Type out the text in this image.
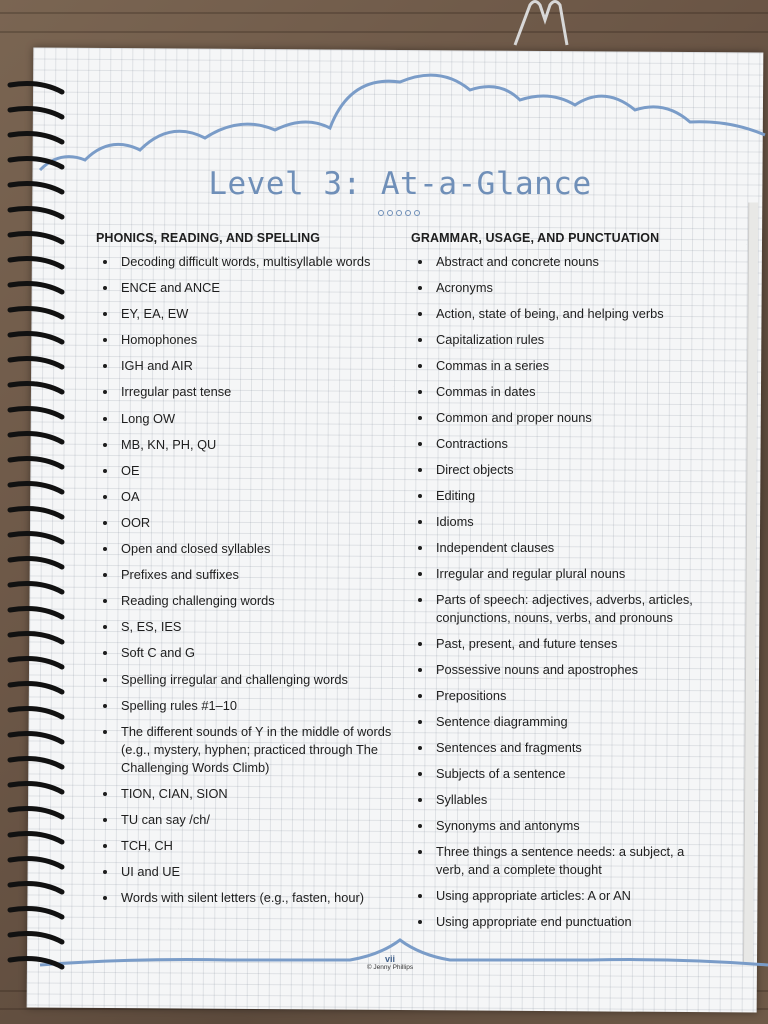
Level 3: At-a-Glance
PHONICS, READING, AND SPELLING
Decoding difficult words, multisyllable words
ENCE and ANCE
EY, EA, EW
Homophones
IGH and AIR
Irregular past tense
Long OW
MB, KN, PH, QU
OE
OA
OOR
Open and closed syllables
Prefixes and suffixes
Reading challenging words
S, ES, IES
Soft C and G
Spelling irregular and challenging words
Spelling rules #1–10
The different sounds of Y in the middle of words (e.g., mystery, hyphen; practiced through The Challenging Words Climb)
TION, CIAN, SION
TU can say /ch/
TCH, CH
UI and UE
Words with silent letters (e.g., fasten, hour)
GRAMMAR, USAGE, AND PUNCTUATION
Abstract and concrete nouns
Acronyms
Action, state of being, and helping verbs
Capitalization rules
Commas in a series
Commas in dates
Common and proper nouns
Contractions
Direct objects
Editing
Idioms
Independent clauses
Irregular and regular plural nouns
Parts of speech: adjectives, adverbs, articles, conjunctions, nouns, verbs, and pronouns
Past, present, and future tenses
Possessive nouns and apostrophes
Prepositions
Sentence diagramming
Sentences and fragments
Subjects of a sentence
Syllables
Synonyms and antonyms
Three things a sentence needs: a subject, a verb, and a complete thought
Using appropriate articles: A or AN
Using appropriate end punctuation
vii
© Jenny Phillips
